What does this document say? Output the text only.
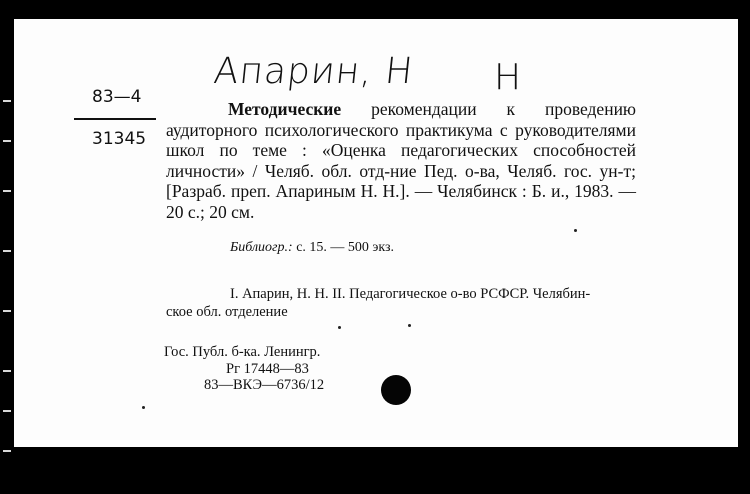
Апарин, Н Н
83—4
31345
Методические рекомендации к проведению аудиторного психологического практикума с руководителями школ по теме : «Оценка педагогических способностей личности» / Челяб. обл. отд-ние Пед. о-ва, Челяб. гос. ун-т; [Разраб. преп. Апариным Н. Н.]. — Челябинск : Б. и., 1983. — 20 с.; 20 см.
Библиогр.: с. 15. — 500 экз.
I. Апарин, Н. Н. II. Педагогическое о-во РСФСР. Челябин-
ское обл. отделение
Гос. Публ. б-ка. Ленингр.
Рг 17448—83
83—ВКЭ—6736/12
